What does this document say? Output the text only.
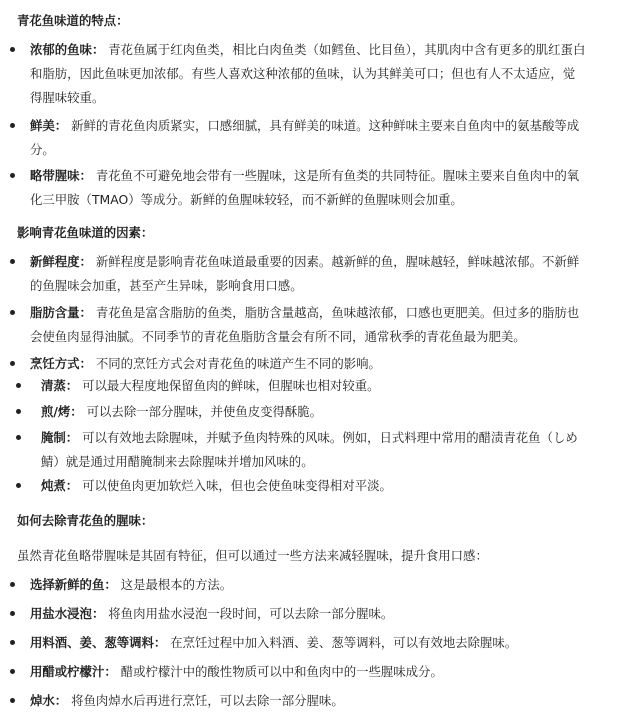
青花鱼味道的特点：
浓郁的鱼味： 青花鱼属于红肉鱼类，相比白肉鱼类（如鳕鱼、比目鱼），其肌肉中含有更多的肌红蛋白和脂肪，因此鱼味更加浓郁。有些人喜欢这种浓郁的鱼味，认为其鲜美可口；但也有人不太适应，觉得腥味较重。
鲜美： 新鲜的青花鱼肉质紧实，口感细腻，具有鲜美的味道。这种鲜味主要来自鱼肉中的氨基酸等成分。
略带腥味： 青花鱼不可避免地会带有一些腥味，这是所有鱼类的共同特征。腥味主要来自鱼肉中的氧化三甲胺（TMAO）等成分。新鲜的鱼腥味较轻，而不新鲜的鱼腥味则会加重。
影响青花鱼味道的因素：
新鲜程度： 新鲜程度是影响青花鱼味道最重要的因素。越新鲜的鱼，腥味越轻，鲜味越浓郁。不新鲜的鱼腥味会加重，甚至产生异味，影响食用口感。
脂肪含量： 青花鱼是富含脂肪的鱼类，脂肪含量越高，鱼味越浓郁，口感也更肥美。但过多的脂肪也会使鱼肉显得油腻。不同季节的青花鱼脂肪含量会有所不同，通常秋季的青花鱼最为肥美。
烹饪方式： 不同的烹饪方式会对青花鱼的味道产生不同的影响。
清蒸： 可以最大程度地保留鱼肉的鲜味，但腥味也相对较重。
煎/烤： 可以去除一部分腥味，并使鱼皮变得酥脆。
腌制： 可以有效地去除腥味，并赋予鱼肉特殊的风味。例如，日式料理中常用的醋渍青花鱼（しめ鯖）就是通过用醋腌制来去除腥味并增加风味的。
炖煮： 可以使鱼肉更加软烂入味，但也会使鱼味变得相对平淡。
如何去除青花鱼的腥味：
虽然青花鱼略带腥味是其固有特征，但可以通过一些方法来减轻腥味，提升食用口感：
选择新鲜的鱼： 这是最根本的方法。
用盐水浸泡： 将鱼肉用盐水浸泡一段时间，可以去除一部分腥味。
用料酒、姜、葱等调料： 在烹饪过程中加入料酒、姜、葱等调料，可以有效地去除腥味。
用醋或柠檬汁： 醋或柠檬汁中的酸性物质可以中和鱼肉中的一些腥味成分。
焯水： 将鱼肉焯水后再进行烹饪，可以去除一部分腥味。
